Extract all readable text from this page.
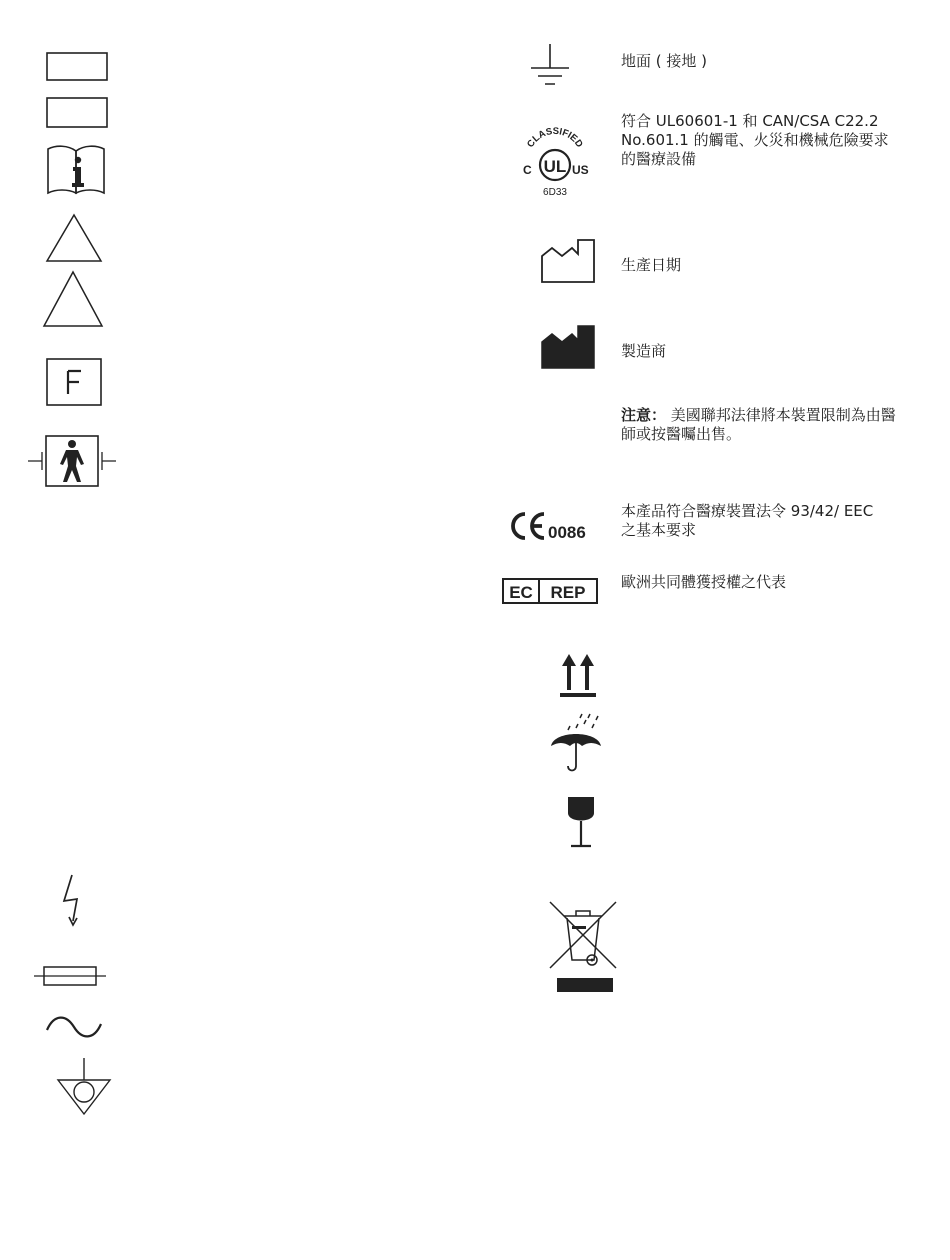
地面 ( 接地 )
CLASSIFIED
UL
C	US
6D33
符合 UL60601-1 和 CAN/CSA C22.2 No.601.1 的觸電、火災和機械危險要求的醫療設備
生產日期
製造商
注意： 美國聯邦法律將本裝置限制為由醫師或按醫囑出售。
0086
本產品符合醫療裝置法令 93/42/ EEC 之基本要求
EC REP
歐洲共同體獲授權之代表
